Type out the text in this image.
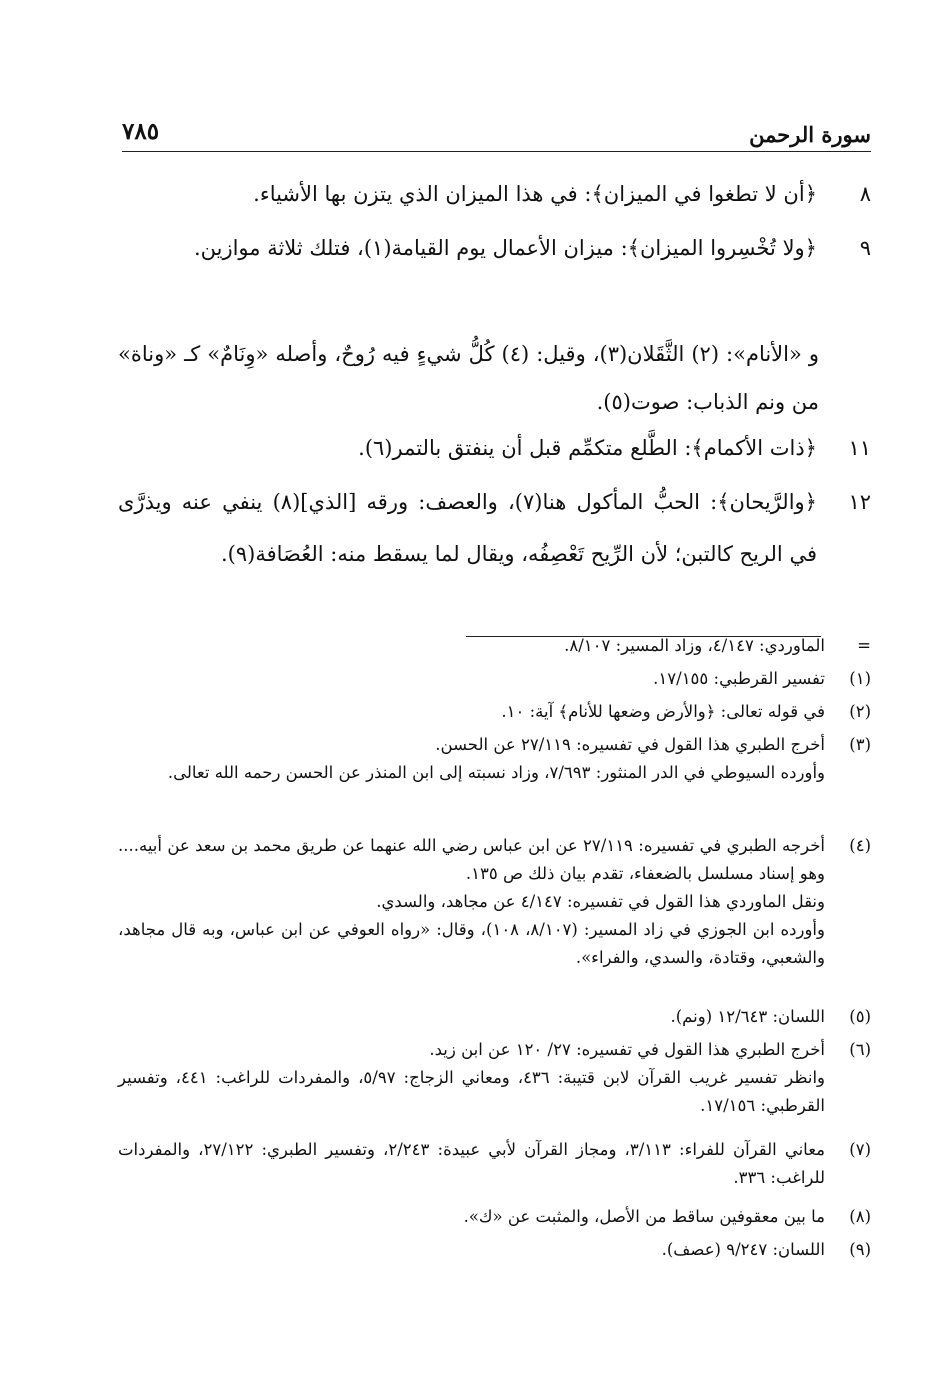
سورة الرحمن
٧٨٥
٨
﴿أن لا تطغوا في الميزان﴾: في هذا الميزان الذي يتزن بها الأشياء.
٩
﴿ولا تُخْسِروا الميزان﴾: ميزان الأعمال يوم القيامة(١)، فتلك ثلاثة موازين.
و «الأنام»: (٢) الثَّقَلان(٣)، وقيل: (٤) كُلُّ شيءٍ فيه رُوحٌ، وأصله «وِنَامٌ» كـ «وناة» من ونم الذباب: صوت(٥).
١١
﴿ذات الأكمام﴾: الطَّلع متكمِّم قبل أن ينفتق بالتمر(٦).
١٢
﴿والرَّيحان﴾: الحبُّ المأكول هنا(٧)، والعصف: ورقه [الذي](٨) ينفي عنه ويذرَّى في الريح كالتبن؛ لأن الرِّيح تَعْصِفُه، ويقال لما يسقط منه: العُصَافة(٩).
=
الماوردي: ٤/١٤٧، وزاد المسير: ٨/١٠٧.
(١)
تفسير القرطبي: ١٧/١٥٥.
(٢)
في قوله تعالى: ﴿والأرض وضعها للأنام﴾ آية: ١٠.
(٣)
أخرج الطبري هذا القول في تفسيره: ٢٧/١١٩ عن الحسن.
وأورده السيوطي في الدر المنثور: ٧/٦٩٣، وزاد نسبته إلى ابن المنذر عن الحسن رحمه الله تعالى.
(٤)
أخرجه الطبري في تفسيره: ٢٧/١١٩ عن ابن عباس رضي الله عنهما عن طريق محمد بن سعد عن أبيه.... وهو إسناد مسلسل بالضعفاء، تقدم بيان ذلك ص ١٣٥.
ونقل الماوردي هذا القول في تفسيره: ٤/١٤٧ عن مجاهد، والسدي.
وأورده ابن الجوزي في زاد المسير: (٨/١٠٧، ١٠٨)، وقال: «رواه العوفي عن ابن عباس، وبه قال مجاهد، والشعبي، وقتادة، والسدي، والفراء».
(٥)
اللسان: ١٢/٦٤٣ (ونم).
(٦)
أخرج الطبري هذا القول في تفسيره: ٢٧/ ١٢٠ عن ابن زيد.
وانظر تفسير غريب القرآن لابن قتيبة: ٤٣٦، ومعاني الزجاج: ٥/٩٧، والمفردات للراغب: ٤٤١، وتفسير القرطبي: ١٧/١٥٦.
(٧)
معاني القرآن للفراء: ٣/١١٣، ومجاز القرآن لأبي عبيدة: ٢/٢٤٣، وتفسير الطبري: ٢٧/١٢٢، والمفردات للراغب: ٣٣٦.
(٨)
ما بين معقوفين ساقط من الأصل، والمثبت عن «ك».
(٩)
اللسان: ٩/٢٤٧ (عصف).
